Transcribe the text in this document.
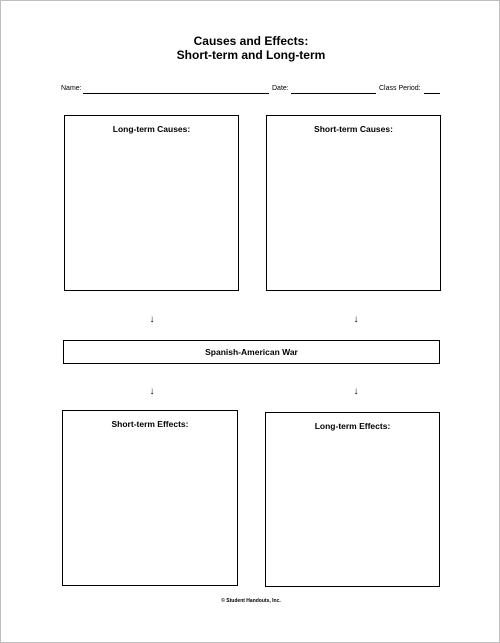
Causes and Effects:
Short-term and Long-term
Name:	Date:	Class Period:
Long-term Causes:	Short-term Causes:
↓	↓
Spanish-American War
↓	↓
Short-term Effects:	Long-term Effects:
© Student Handouts, Inc.
